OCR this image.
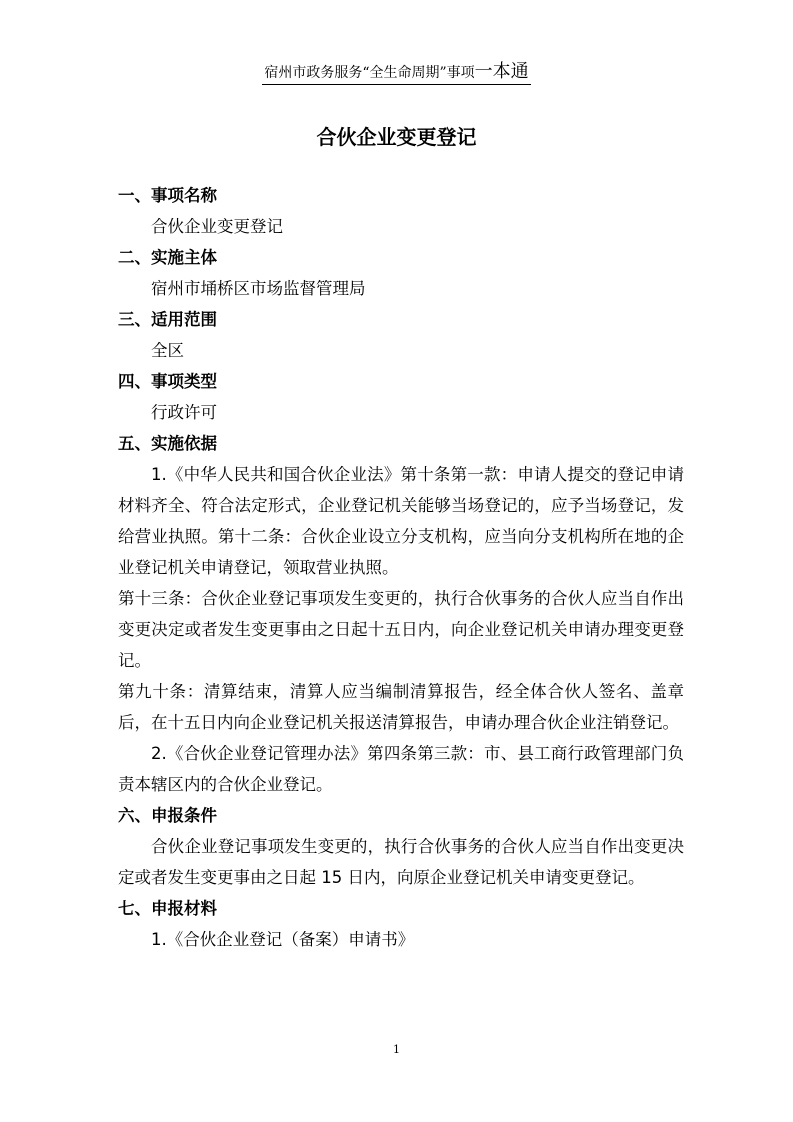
宿州市政务服务“全生命周期”事项一本通
合伙企业变更登记

一、事项名称

合伙企业变更登记

二、实施主体

宿州市埇桥区市场监督管理局

三、适用范围

全区

四、事项类型

行政许可

五、实施依据

1.《中华人民共和国合伙企业法》第十条第一款：申请人提交的登记申请材料齐全、符合法定形式，企业登记机关能够当场登记的，应予当场登记，发给营业执照。第十二条：合伙企业设立分支机构，应当向分支机构所在地的企业登记机关申请登记，领取营业执照。

第十三条：合伙企业登记事项发生变更的，执行合伙事务的合伙人应当自作出变更决定或者发生变更事由之日起十五日内，向企业登记机关申请办理变更登记。

第九十条：清算结束，清算人应当编制清算报告，经全体合伙人签名、盖章后，在十五日内向企业登记机关报送清算报告，申请办理合伙企业注销登记。

2.《合伙企业登记管理办法》第四条第三款：市、县工商行政管理部门负责本辖区内的合伙企业登记。

六、申报条件

合伙企业登记事项发生变更的，执行合伙事务的合伙人应当自作出变更决定或者发生变更事由之日起 15 日内，向原企业登记机关申请变更登记。

七、申报材料

1.《合伙企业登记（备案）申请书》

1
